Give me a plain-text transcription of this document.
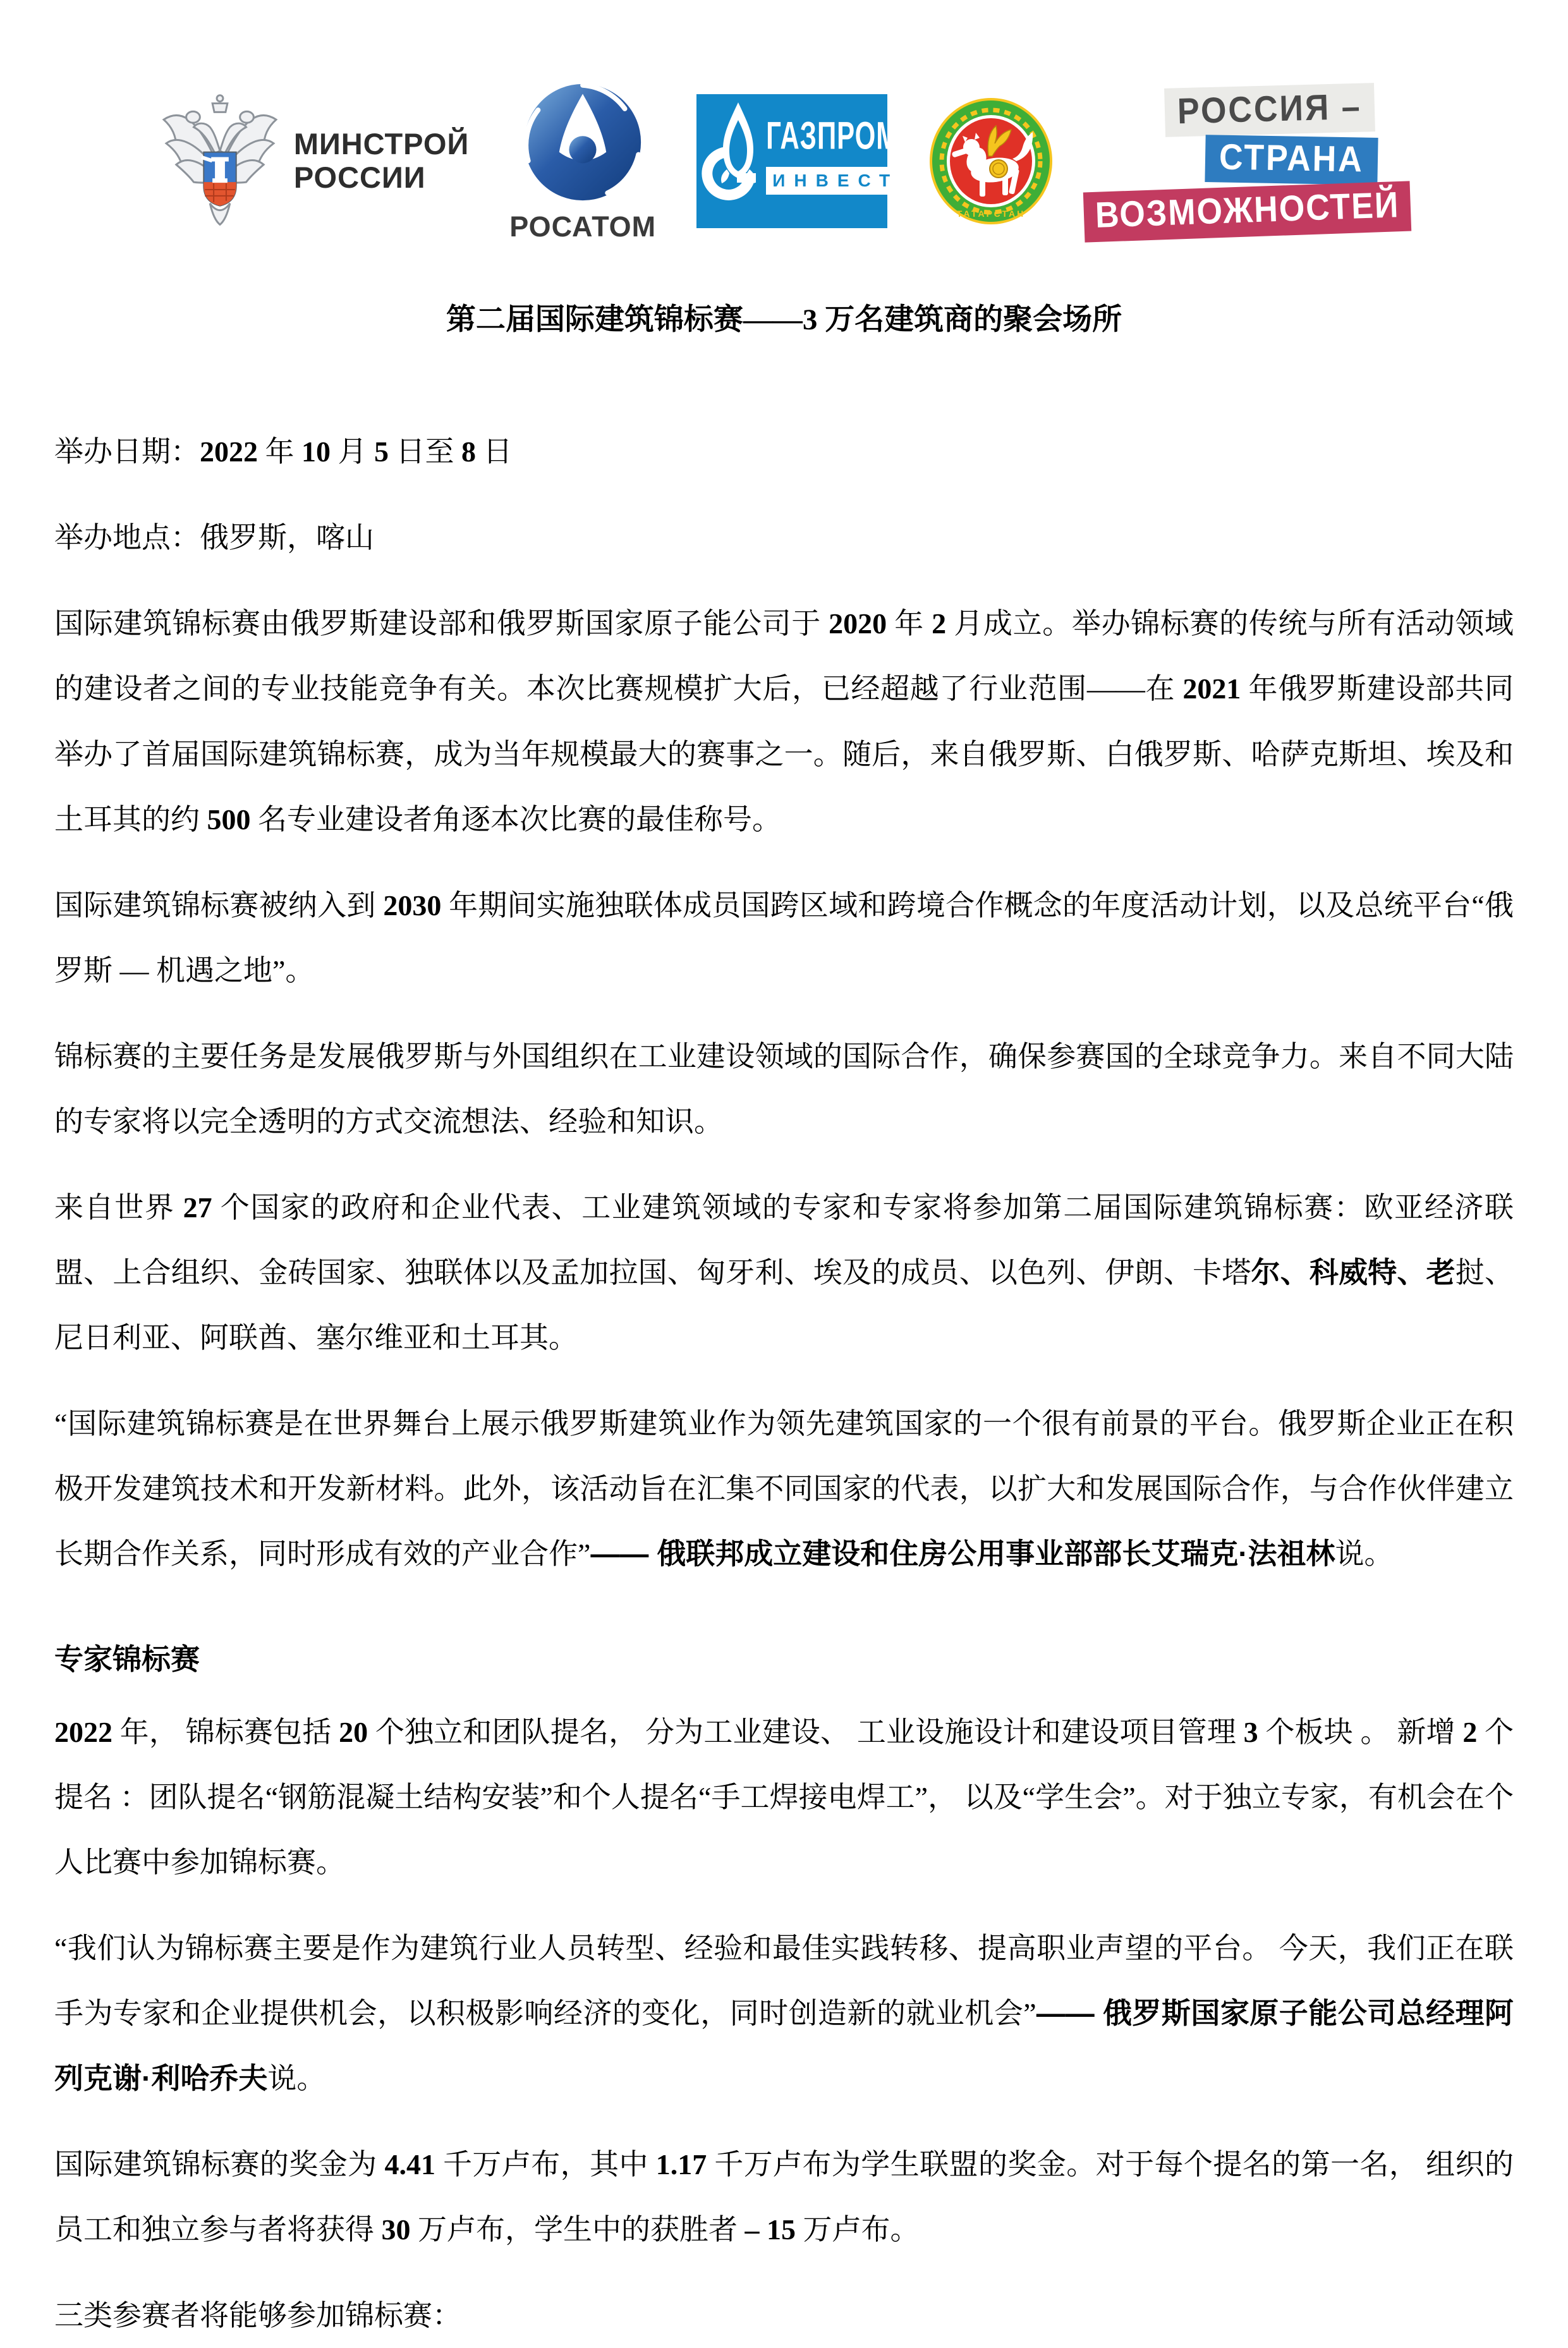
МИНСТРОЙ
РОССИИ
РОСАТОМ
ГАЗПРОМ
ИНВЕСТ
ТАТАРСТАН
РОССИЯ –
СТРАНА
ВОЗМОЖНОСТЕЙ
第二届国际建筑锦标赛——3 万名建筑商的聚会场所

举办日期：2022 年 10 月 5 日至 8 日

举办地点：俄罗斯，喀山

国际建筑锦标赛由俄罗斯建设部和俄罗斯国家原子能公司于 2020 年 2 月成立。举办锦标赛的传统与所有活动领域的建设者之间的专业技能竞争有关。本次比赛规模扩大后，已经超越了行业范围——在 2021 年俄罗斯建设部共同举办了首届国际建筑锦标赛，成为当年规模最大的赛事之一。随后，来自俄罗斯、白俄罗斯、哈萨克斯坦、埃及和土耳其的约 500 名专业建设者角逐本次比赛的最佳称号。

国际建筑锦标赛被纳入到 2030 年期间实施独联体成员国跨区域和跨境合作概念的年度活动计划，以及总统平台“俄罗斯 — 机遇之地”。

锦标赛的主要任务是发展俄罗斯与外国组织在工业建设领域的国际合作，确保参赛国的全球竞争力。来自不同大陆的专家将以完全透明的方式交流想法、经验和知识。

来自世界 27 个国家的政府和企业代表、工业建筑领域的专家和专家将参加第二届国际建筑锦标赛：欧亚经济联盟、上合组织、金砖国家、独联体以及孟加拉国、匈牙利、埃及的成员、以色列、伊朗、卡塔尔、科威特、老挝、尼日利亚、阿联酋、塞尔维亚和土耳其。

“国际建筑锦标赛是在世界舞台上展示俄罗斯建筑业作为领先建筑国家的一个很有前景的平台。俄罗斯企业正在积极开发建筑技术和开发新材料。此外，该活动旨在汇集不同国家的代表，以扩大和发展国际合作，与合作伙伴建立长期合作关系，同时形成有效的产业合作”—— 俄联邦成立建设和住房公用事业部部长艾瑞克·法祖林说。

专家锦标赛

2022 年， 锦标赛包括 20 个独立和团队提名， 分为工业建设、 工业设施设计和建设项目管理 3 个板块 。 新增 2 个提名 ：团队提名“钢筋混凝土结构安装”和个人提名“手工焊接电焊工”， 以及“学生会”。对于独立专家，有机会在个人比赛中参加锦标赛。

“我们认为锦标赛主要是作为建筑行业人员转型、经验和最佳实践转移、提高职业声望的平台。 今天，我们正在联手为专家和企业提供机会，以积极影响经济的变化，同时创造新的就业机会”—— 俄罗斯国家原子能公司总经理阿列克谢·利哈乔夫说。

国际建筑锦标赛的奖金为 4.41 千万卢布，其中 1.17 千万卢布为学生联盟的奖金。对于每个提名的第一名， 组织的员工和独立参与者将获得 30 万卢布，学生中的获胜者 – 15 万卢布。

三类参赛者将能够参加锦标赛：
